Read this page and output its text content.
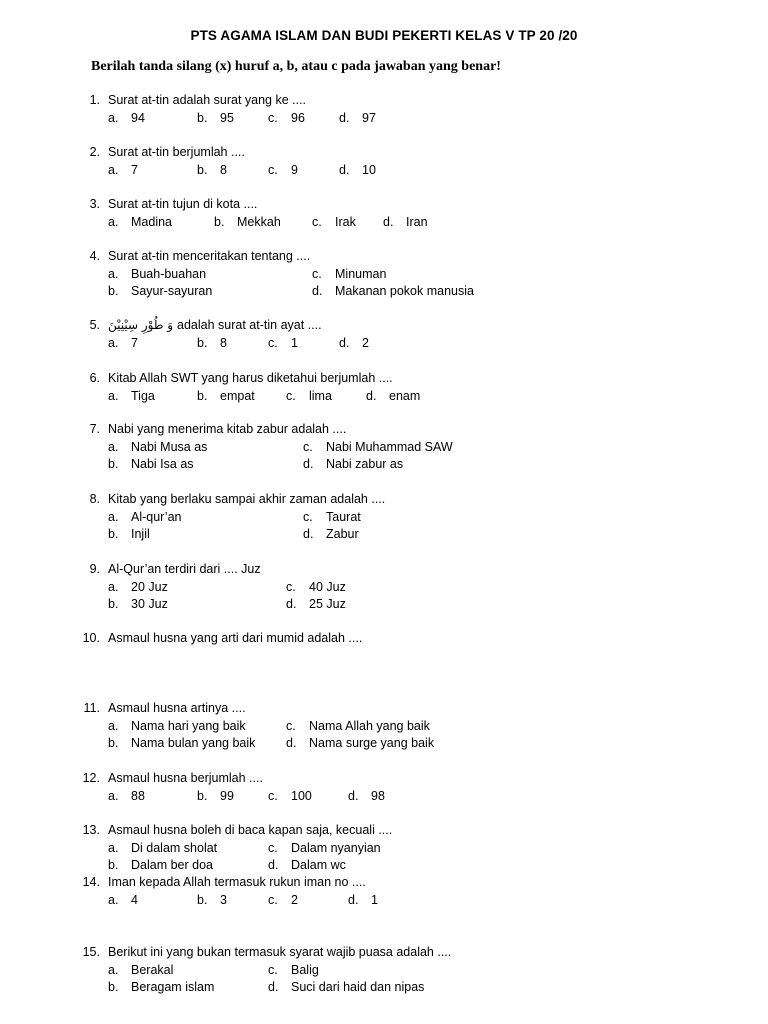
PTS AGAMA ISLAM DAN BUDI PEKERTI KELAS V TP 20 /20
Berilah tanda silang (x) huruf a, b, atau c pada jawaban yang benar!
1. Surat at-tin adalah surat yang ke ....
a. 94	b. 95	c. 96	d. 97
2. Surat at-tin berjumlah ....
a. 7	b. 8	c. 9	d. 10
3. Surat at-tin tujun di kota ....
a. Madina	b. Mekkah c. Irak d. Iran
4. Surat at-tin menceritakan tentang ....
a. Buah-buahan	c. Minuman
b. Sayur-sayuran	d. Makanan pokok manusia
5. وَ طُوْرِ سِيْنِيْنَ adalah surat at-tin ayat ....
a. 7	b. 8	c. 1	d. 2
6. Kitab Allah SWT yang harus diketahui berjumlah ....
a. Tiga	b. empat	c. lima	d. enam
7. Nabi yang menerima kitab zabur adalah ....
a. Nabi Musa as	c. Nabi Muhammad SAW
b. Nabi Isa as	d. Nabi zabur as
8. Kitab yang berlaku sampai akhir zaman adalah ....
a. Al-qur’an	c. Taurat
b. Injil	d. Zabur
9. Al-Qur’an terdiri dari .... Juz
a. 20 Juz	c. 40 Juz
b. 30 Juz	d. 25 Juz
10. Asmaul husna yang arti dari mumid adalah ....
11. Asmaul husna artinya ....
a. Nama hari yang baik	c. Nama Allah yang baik
b. Nama bulan yang baik d. Nama surge yang baik
12. Asmaul husna berjumlah ....
a. 88	b. 99	c. 100	d. 98
13. Asmaul husna boleh di baca kapan saja, kecuali ....
a. Di dalam sholat	c. Dalam nyanyian
b. Dalam ber doa	d. Dalam wc
14. Iman kepada Allah termasuk rukun iman no ....
a. 4	b. 3	c. 2	d. 1
15. Berikut ini yang bukan termasuk syarat wajib puasa adalah ....
a. Berakal	c. Balig
b. Beragam islam	d. Suci dari haid dan nipas
